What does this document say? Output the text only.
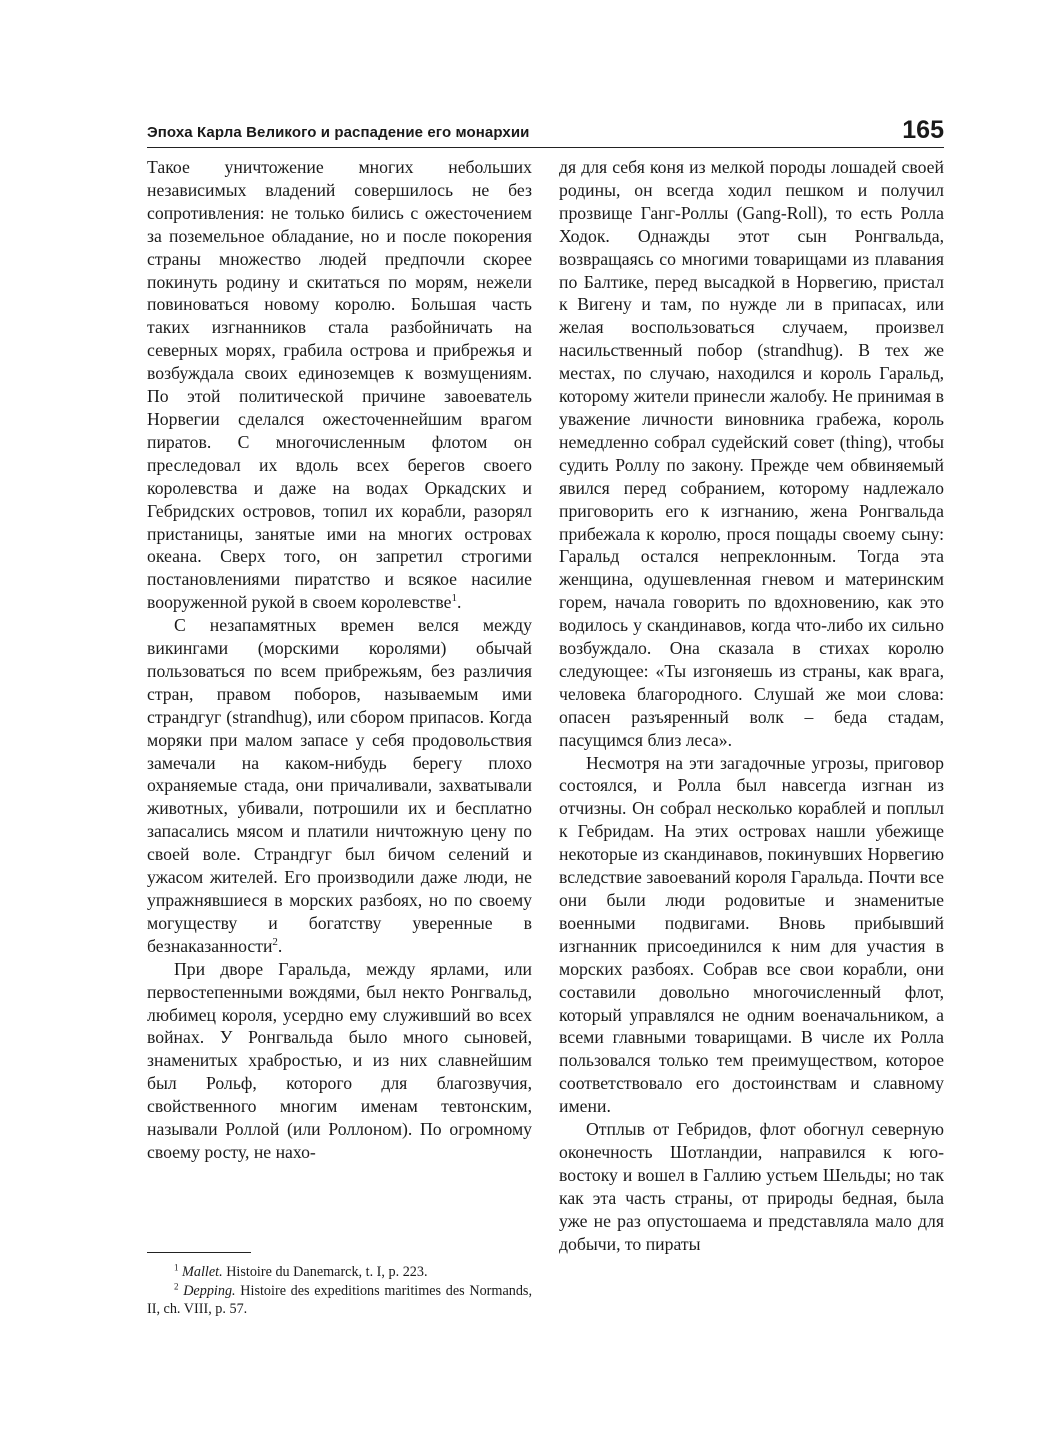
Эпоха Карла Великого и распадение его монархии	165

Такое уничтожение многих небольших независимых владений совершилось не без сопротивления: не только бились с ожесточением за поземельное обладание, но и после покорения страны множество людей предпочли скорее покинуть родину и скитаться по морям, нежели повиноваться новому королю. Большая часть таких изгнанников стала разбойничать на северных морях, грабила острова и прибрежья и возбуждала своих единоземцев к возмущениям. По этой политической причине завоеватель Норвегии сделался ожесточеннейшим врагом пиратов. С многочисленным флотом он преследовал их вдоль всех берегов своего королевства и даже на водах Оркадских и Гебридских островов, топил их корабли, разорял пристаницы, занятые ими на многих островах океана. Сверх того, он запретил строгими постановлениями пиратство и всякое насилие вооруженной рукой в своем королевстве$^1$.

С незапамятных времен велся между викингами (морскими королями) обычай пользоваться по всем прибрежьям, без различия стран, правом поборов, называемым ими страндгуг (strandhug), или сбором припасов. Когда моряки при малом запасе у себя продовольствия замечали на каком-нибудь берегу плохо охраняемые стада, они причаливали, захватывали животных, убивали, потрошили их и бесплатно запасались мясом и платили ничтожную цену по своей воле. Страндгуг был бичом селений и ужасом жителей. Его производили даже люди, не упражнявшиеся в морских разбоях, но по своему могуществу и богатству уверенные в безнаказанности$^2$.

При дворе Гаральда, между ярлами, или первостепенными вождями, был некто Ронгвальд, любимец короля, усердно ему служивший во всех войнах. У Ронгвальда было много сыновей, знаменитых храбростью, и из них славнейшим был Рольф, которого для благозвучия, свойственного многим именам тевтонским, называли Роллой (или Роллоном). По огромному своему росту, не нахо-

дя для себя коня из мелкой породы лошадей своей родины, он всегда ходил пешком и получил прозвище Ганг-Роллы (Gang-Roll), то есть Ролла Ходок. Однажды этот сын Ронгвальда, возвращаясь со многими товарищами из плавания по Балтике, перед высадкой в Норвегию, пристал к Вигену и там, по нужде ли в припасах, или желая воспользоваться случаем, произвел насильственный побор (strandhug). В тех же местах, по случаю, находился и король Гаральд, которому жители принесли жалобу. Не принимая в уважение личности виновника грабежа, король немедленно собрал судейский совет (thing), чтобы судить Роллу по закону. Прежде чем обвиняемый явился перед собранием, которому надлежало приговорить его к изгнанию, жена Ронгвальда прибежала к королю, прося пощады своему сыну: Гаральд остался непреклонным. Тогда эта женщина, одушевленная гневом и материнским горем, начала говорить по вдохновению, как это водилось у скандинавов, когда что-либо их сильно возбуждало. Она сказала в стихах королю следующее: «Ты изгоняешь из страны, как врага, человека благородного. Слушай же мои слова: опасен разъяренный волк – беда стадам, пасущимся близ леса».

Несмотря на эти загадочные угрозы, приговор состоялся, и Ролла был навсегда изгнан из отчизны. Он собрал несколько кораблей и поплыл к Гебридам. На этих островах нашли убежище некоторые из скандинавов, покинувших Норвегию вследствие завоеваний короля Гаральда. Почти все они были люди родовитые и знаменитые военными подвигами. Вновь прибывший изгнанник присоединился к ним для участия в морских разбоях. Собрав все свои корабли, они составили довольно многочисленный флот, который управлялся не одним военачальником, а всеми главными товарищами. В числе их Ролла пользовался только тем преимуществом, которое соответствовало его достоинствам и славному имени.

Отплыв от Гебридов, флот обогнул северную оконечность Шотландии, направился к юго-востоку и вошел в Галлию устьем Шельды; но так как эта часть страны, от природы бедная, была уже не раз опустошаема и представляла мало для добычи, то пираты

$^1$ Mallet. Histoire du Danemarck, t. I, p. 223.

$^2$ Depping. Histoire des expeditions maritimes des Normands, II, ch. VIII, p. 57.
